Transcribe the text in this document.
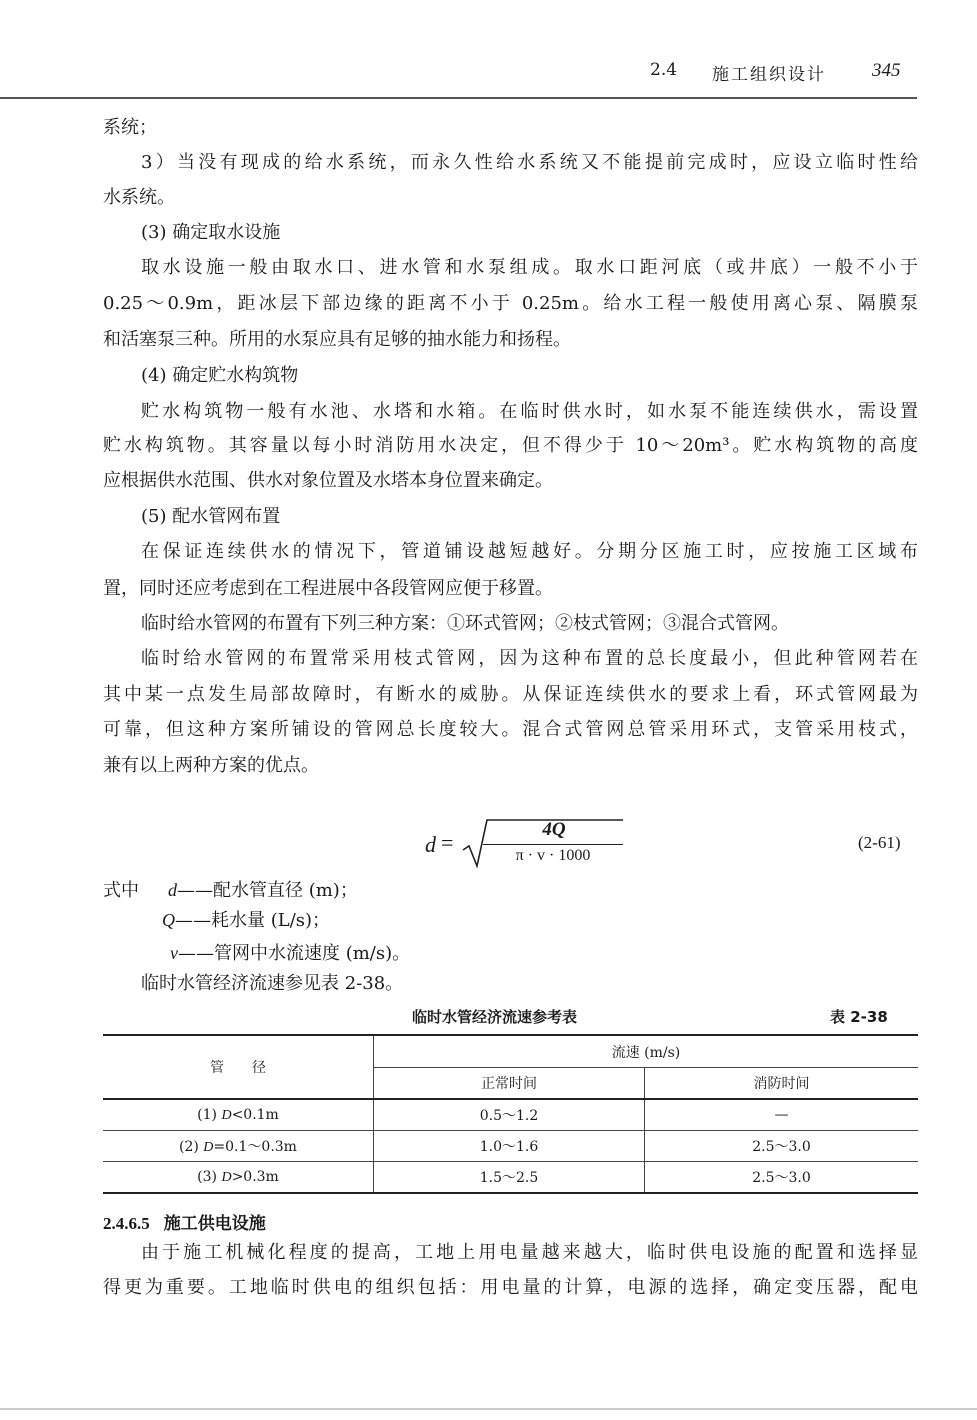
2.4 施工组织设计 345
系统；
3）当没有现成的给水系统，而永久性给水系统又不能提前完成时，应设立临时性给
水系统。
(3) 确定取水设施
取水设施一般由取水口、进水管和水泵组成。取水口距河底（或井底）一般不小于
0.25～0.9m，距冰层下部边缘的距离不小于 0.25m。给水工程一般使用离心泵、隔膜泵
和活塞泵三种。所用的水泵应具有足够的抽水能力和扬程。
(4) 确定贮水构筑物
贮水构筑物一般有水池、水塔和水箱。在临时供水时，如水泵不能连续供水，需设置
贮水构筑物。其容量以每小时消防用水决定，但不得少于 10～20m³。贮水构筑物的高度
应根据供水范围、供水对象位置及水塔本身位置来确定。
(5) 配水管网布置
在保证连续供水的情况下，管道铺设越短越好。分期分区施工时，应按施工区域布
置，同时还应考虑到在工程进展中各段管网应便于移置。
临时给水管网的布置有下列三种方案：①环式管网；②枝式管网；③混合式管网。
临时给水管网的布置常采用枝式管网，因为这种布置的总长度最小，但此种管网若在
其中某一点发生局部故障时，有断水的威胁。从保证连续供水的要求上看，环式管网最为
可靠，但这种方案所铺设的管网总长度较大。混合式管网总管采用环式，支管采用枝式，
兼有以上两种方案的优点。
d =
4Q
π · v · 1000
(2-61)
式中 d——配水管直径 (m)；
Q——耗水量 (L/s)；
v——管网中水流速度 (m/s)。
临时水管经济流速参见表 2-38。
临时水管经济流速参考表	表 2-38
管　　径	流速 (m/s)
正常时间	消防时间
(1) D<0.1m	0.5～1.2	—
(2) D=0.1～0.3m	1.0～1.6	2.5～3.0
(3) D>0.3m	1.5～2.5	2.5～3.0
2.4.6.5 施工供电设施
由于施工机械化程度的提高，工地上用电量越来越大，临时供电设施的配置和选择显
得更为重要。工地临时供电的组织包括：用电量的计算，电源的选择，确定变压器，配电
